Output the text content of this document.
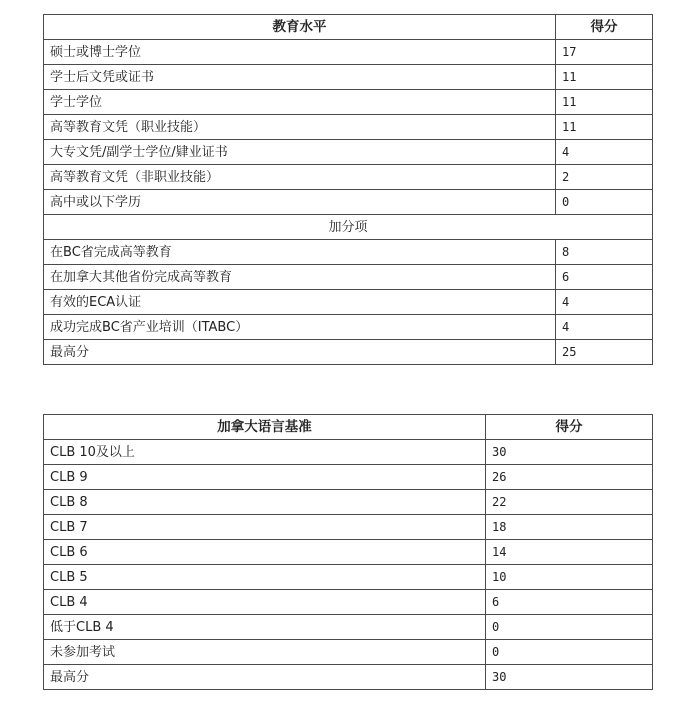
教育水平	得分
硕士或博士学位	17
学士后文凭或证书	11
学士学位	11
高等教育文凭（职业技能）	11
大专文凭/副学士学位/肄业证书	4
高等教育文凭（非职业技能）	2
高中或以下学历	0
加分项	
在BC省完成高等教育	8
在加拿大其他省份完成高等教育	6
有效的ECA认证	4
成功完成BC省产业培训（ITABC）	4
最高分	25
加拿大语言基准	得分
CLB 10及以上	30
CLB 9	26
CLB 8	22
CLB 7	18
CLB 6	14
CLB 5	10
CLB 4	6
低于CLB 4	0
未参加考试	0
最高分	30
